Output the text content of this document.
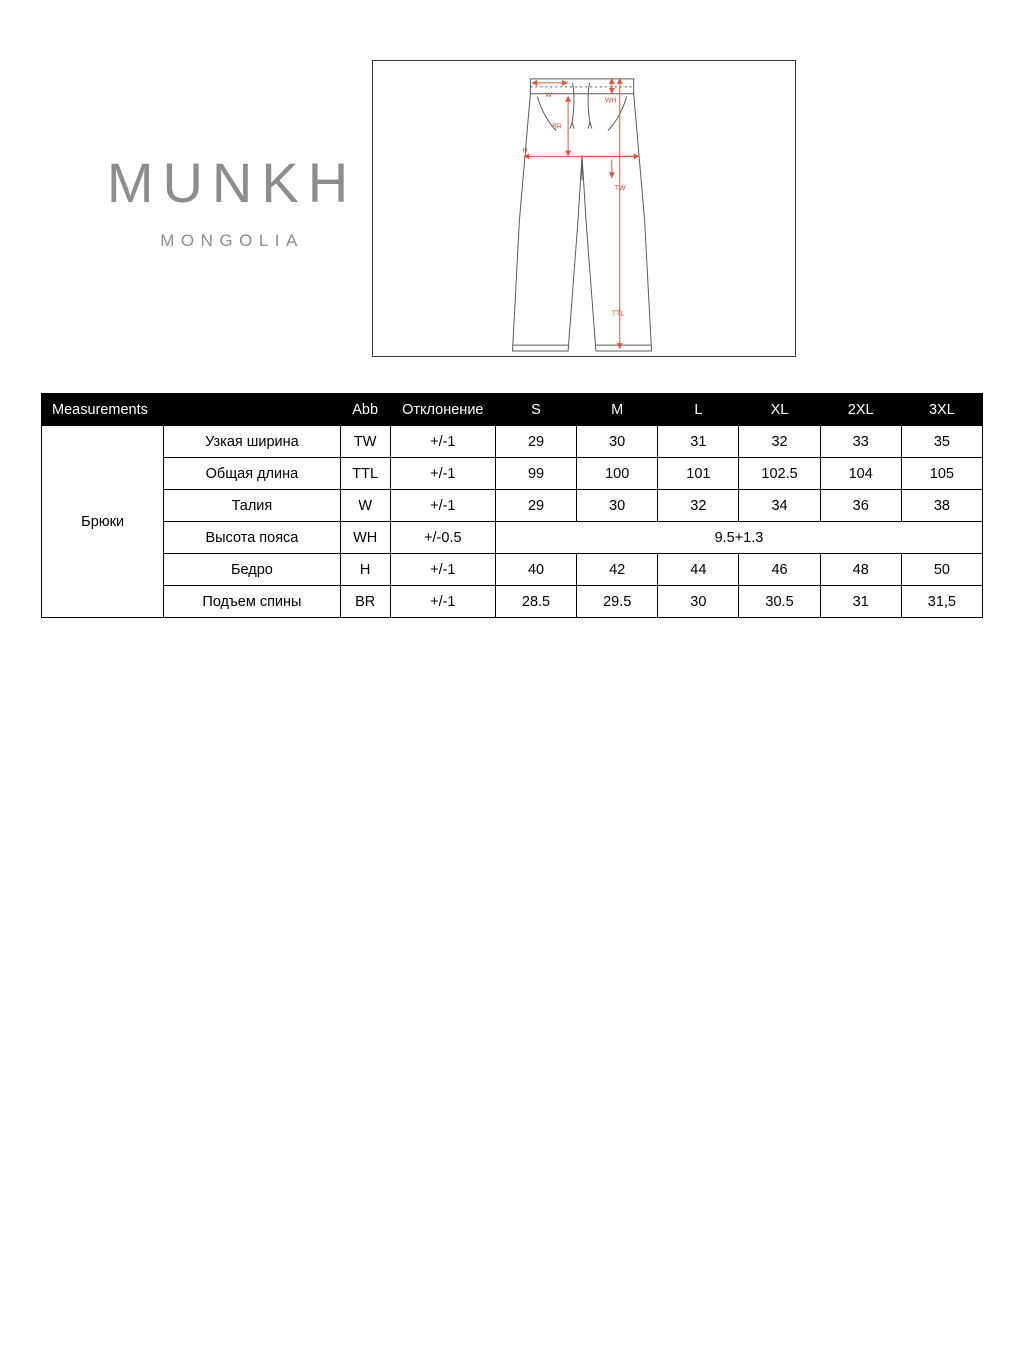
MUNKH
MONGOLIA
W
WH
BR
H
TW
TTL
Measurements		Abb	Отклонение	S	M	L	XL	2XL	3XL
Брюки	Узкая ширина	TW	+/-1	29	30	31	32	33	35
	Общая длина	TTL	+/-1	99	100	101	102.5	104	105
	Талия	W	+/-1	29	30	32	34	36	38
	Высота пояса	WH	+/-0.5	9.5+1.3					
	Бедро	H	+/-1	40	42	44	46	48	50
	Подъем спины	BR	+/-1	28.5	29.5	30	30.5	31	31,5
